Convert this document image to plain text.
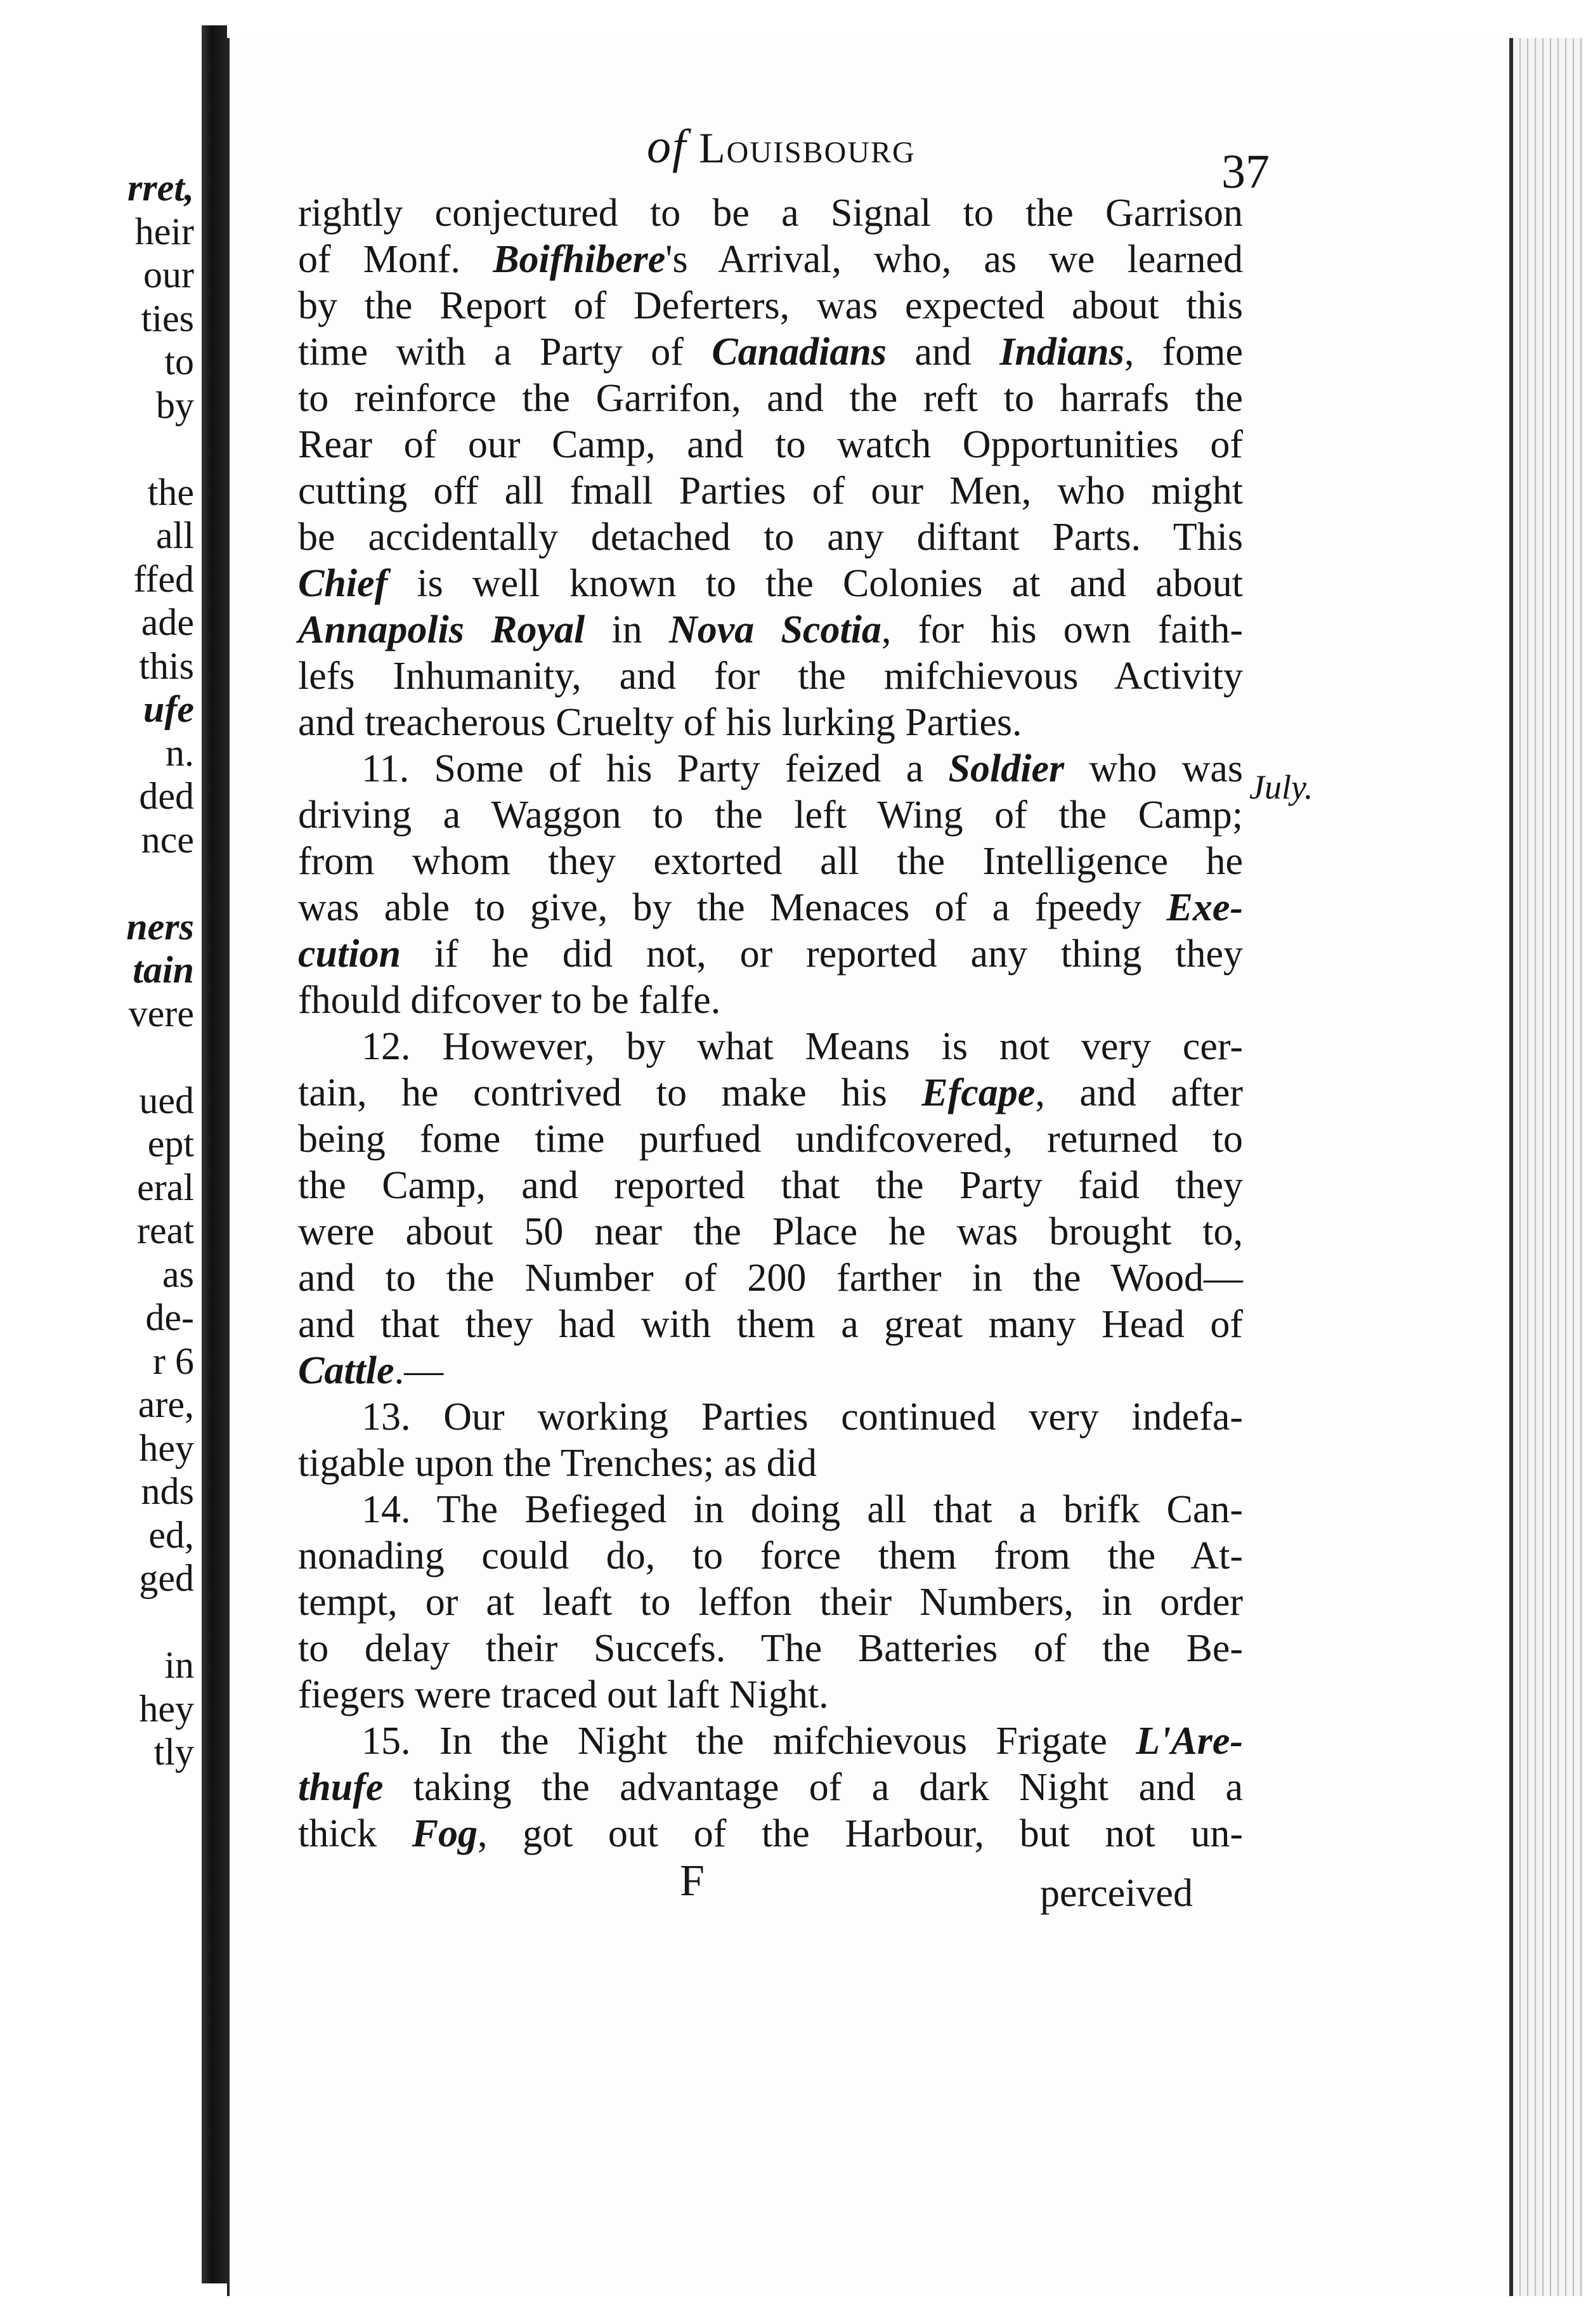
rret,
heir
our
ties
to
by
the
all
ffed
ade
this
ufe
n.
ded
nce
ners
tain
vere
ued
ept
eral
reat
as
de-
r 6
are,
hey
nds
ed,
ged
in
hey
tly
of Louisbourg	37
rightly conjectured to be a Signal to the Garrison
of Monf. Boifhibere's Arrival, who, as we learned
by the Report of Deferters, was expected about this
time with a Party of Canadians and Indians, fome
to reinforce the Garrifon, and the reft to harrafs the
Rear of our Camp, and to watch Opportunities of
cutting off all fmall Parties of our Men, who might
be accidentally detached to any diftant Parts. This
Chief is well known to the Colonies at and about
Annapolis Royal in Nova Scotia, for his own faith-
lefs Inhumanity, and for the mifchievous Activity
and treacherous Cruelty of his lurking Parties.
11. Some of his Party feized a Soldier who was
driving a Waggon to the left Wing of the Camp;
from whom they extorted all the Intelligence he
was able to give, by the Menaces of a fpeedy Exe-
cution if he did not, or reported any thing they
fhould difcover to be falfe.
12. However, by what Means is not very cer-
tain, he contrived to make his Efcape, and after
being fome time purfued undifcovered, returned to
the Camp, and reported that the Party faid they
were about 50 near the Place he was brought to,
and to the Number of 200 farther in the Wood—
and that they had with them a great many Head of
Cattle.—
13. Our working Parties continued very indefa-
tigable upon the Trenches; as did
14. The Befieged in doing all that a brifk Can-
nonading could do, to force them from the At-
tempt, or at leaft to leffon their Numbers, in order
to delay their Succefs. The Batteries of the Be-
fiegers were traced out laft Night.
15. In the Night the mifchievous Frigate L'Are-
thufe taking the advantage of a dark Night and a
thick Fog, got out of the Harbour, but not un-
July.
F	perceived
